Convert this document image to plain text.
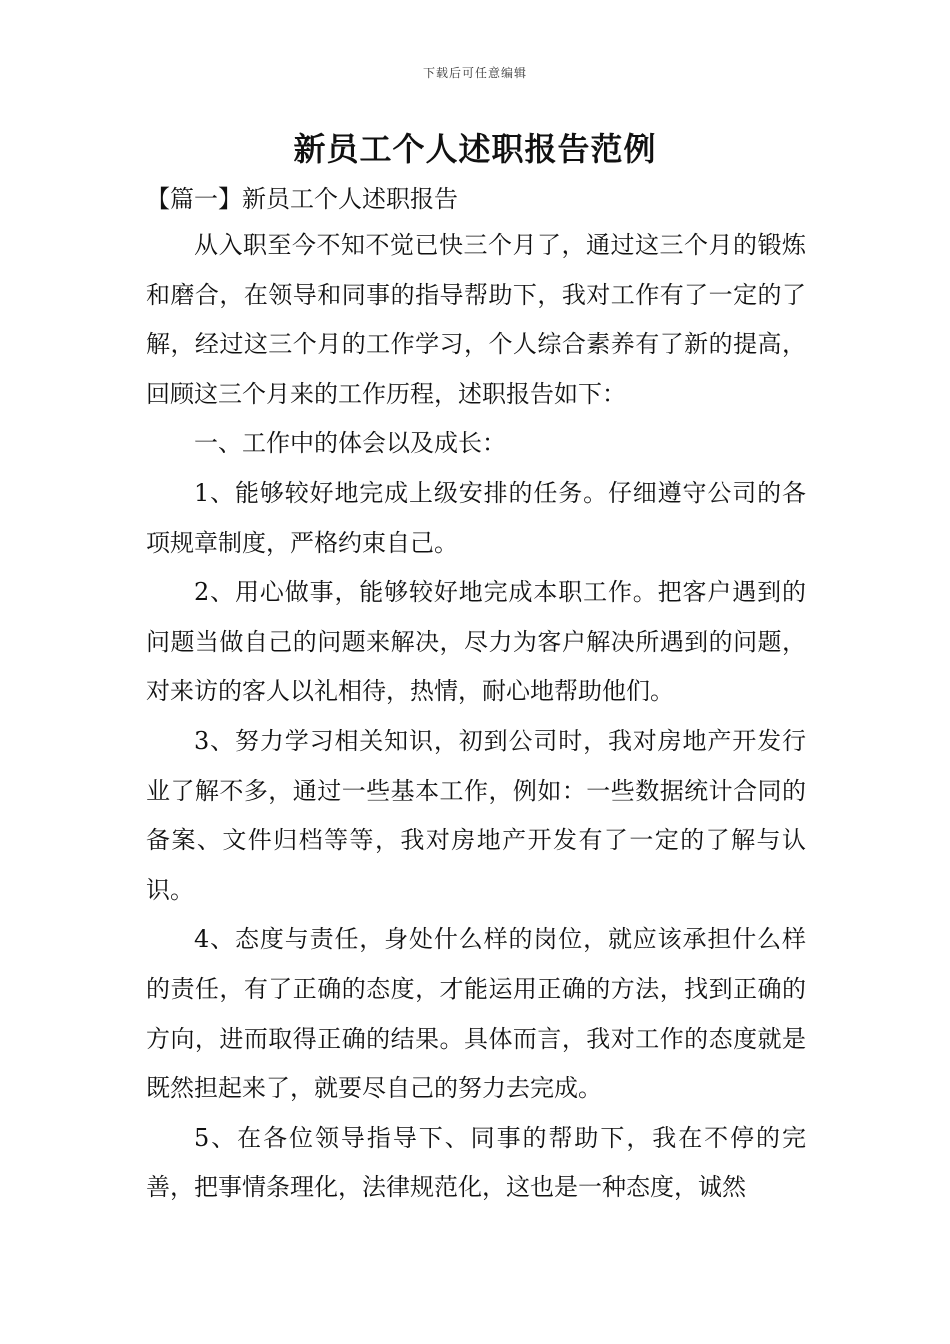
下载后可任意编辑
新员工个人述职报告范例
【篇一】新员工个人述职报告

从入职至今不知不觉已快三个月了，通过这三个月的锻炼和磨合，在领导和同事的指导帮助下，我对工作有了一定的了解，经过这三个月的工作学习，个人综合素养有了新的提高，回顾这三个月来的工作历程，述职报告如下：

一、工作中的体会以及成长：

1、能够较好地完成上级安排的任务。仔细遵守公司的各项规章制度，严格约束自己。

2、用心做事，能够较好地完成本职工作。把客户遇到的问题当做自己的问题来解决，尽力为客户解决所遇到的问题，对来访的客人以礼相待，热情，耐心地帮助他们。

3、努力学习相关知识，初到公司时，我对房地产开发行业了解不多，通过一些基本工作，例如：一些数据统计合同的备案、文件归档等等，我对房地产开发有了一定的了解与认识。

4、态度与责任，身处什么样的岗位，就应该承担什么样的责任，有了正确的态度，才能运用正确的方法，找到正确的方向，进而取得正确的结果。具体而言，我对工作的态度就是既然担起来了，就要尽自己的努力去完成。

5、在各位领导指导下、同事的帮助下，我在不停的完善，把事情条理化，法律规范化，这也是一种态度，诚然
